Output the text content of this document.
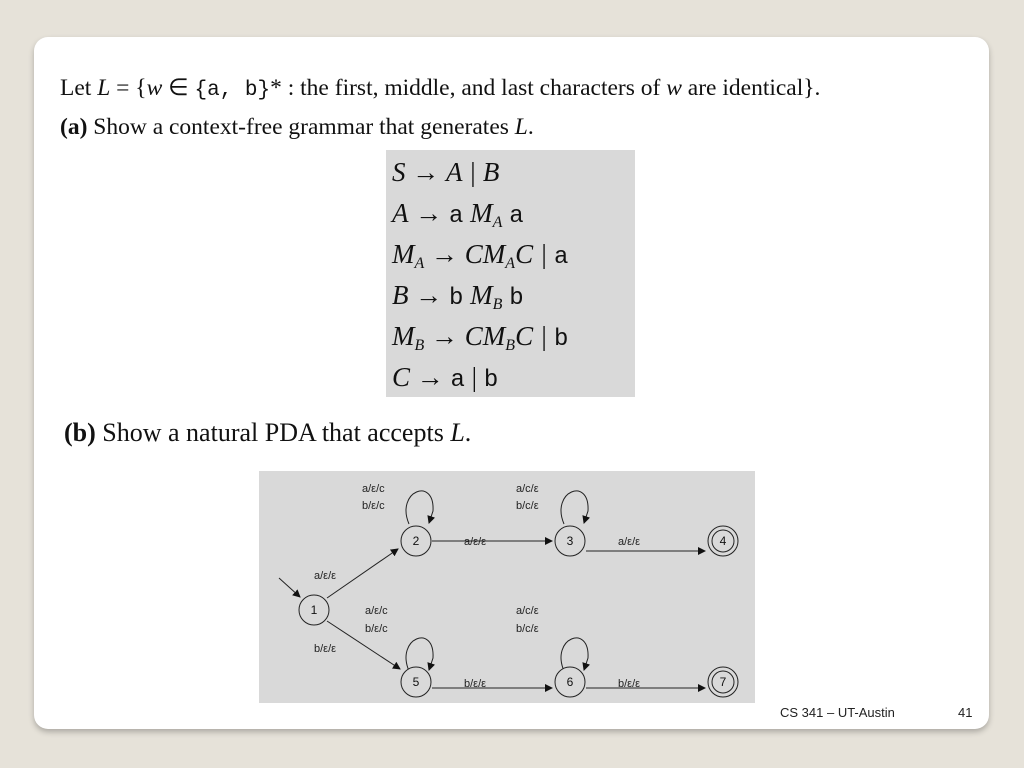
Let L = {w ∈ {a, b}* : the first, middle, and last characters of w are identical}.
(a) Show a context-free grammar that generates L.
S → A | B
A → a $M_A$ a
$M_A \to CM_AC$ | a
B → b $M_B$ b
$M_B \to CM_BC$ | b
C → a | b
(b) Show a natural PDA that accepts L.
1
2	3	4
5	6	7
a/ε/c
b/ε/c
a/c/ε
b/c/ε
a/ε/ε	a/ε/ε
a/ε/ε
b/ε/ε
a/ε/c
b/ε/c
a/c/ε
b/c/ε
b/ε/ε	b/ε/ε
CS 341 – UT-Austin	41
